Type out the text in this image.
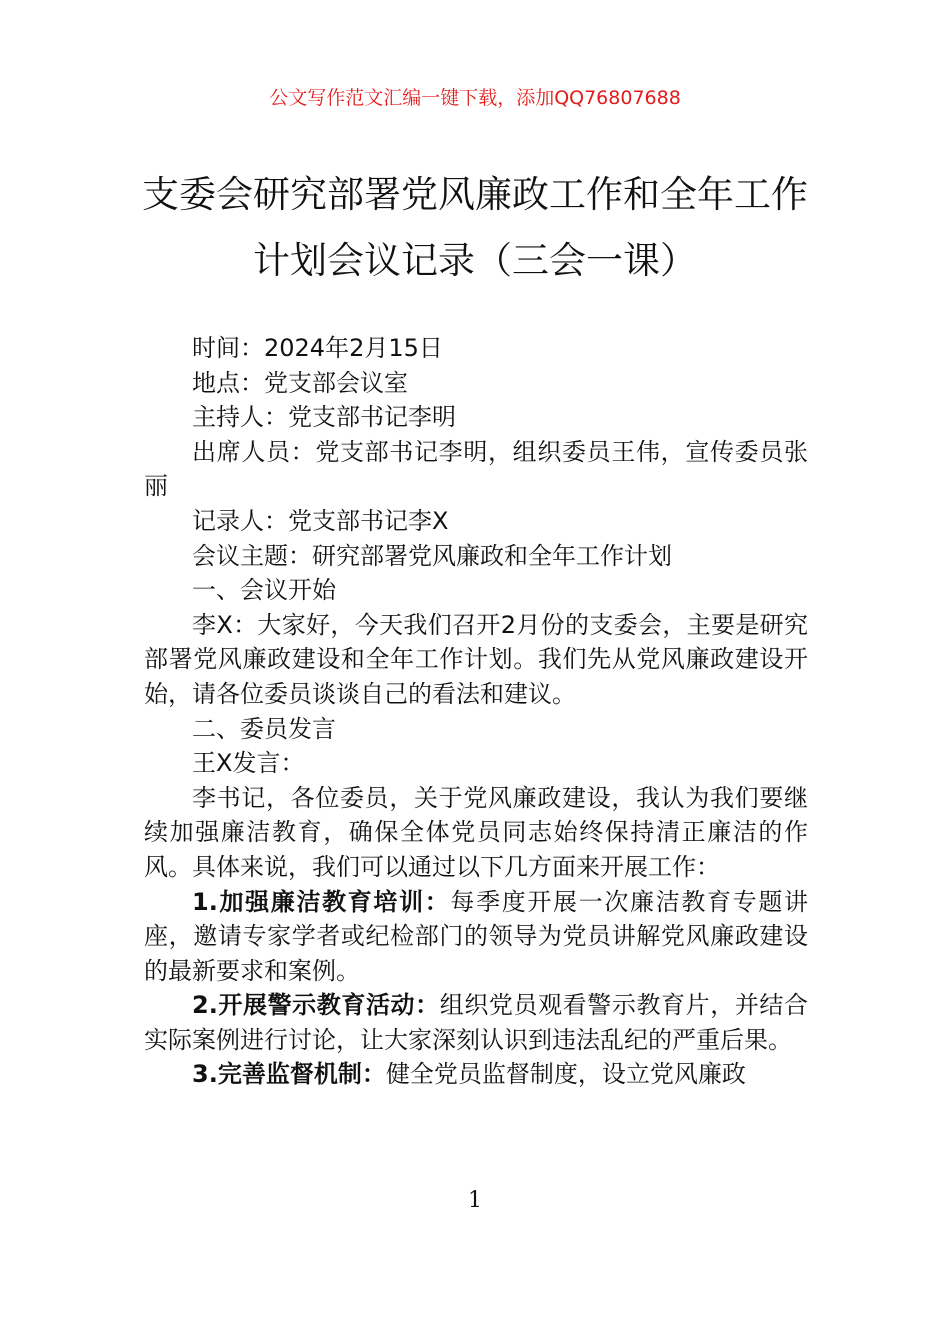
公文写作范文汇编一键下载，添加QQ76807688
支委会研究部署党风廉政工作和全年工作
计划会议记录（三会一课）

时间：2024年2月15日

地点：党支部会议室

主持人：党支部书记李明

出席人员：党支部书记李明，组织委员王伟，宣传委员张丽

记录人：党支部书记李X

会议主题：研究部署党风廉政和全年工作计划

一、会议开始

李X：大家好，今天我们召开2月份的支委会，主要是研究部署党风廉政建设和全年工作计划。我们先从党风廉政建设开始，请各位委员谈谈自己的看法和建议。

二、委员发言

王X发言：

李书记，各位委员，关于党风廉政建设，我认为我们要继续加强廉洁教育，确保全体党员同志始终保持清正廉洁的作风。具体来说，我们可以通过以下几方面来开展工作：

1.加强廉洁教育培训：每季度开展一次廉洁教育专题讲座，邀请专家学者或纪检部门的领导为党员讲解党风廉政建设的最新要求和案例。

2.开展警示教育活动：组织党员观看警示教育片，并结合实际案例进行讨论，让大家深刻认识到违法乱纪的严重后果。

3.完善监督机制：健全党员监督制度，设立党风廉政

1
